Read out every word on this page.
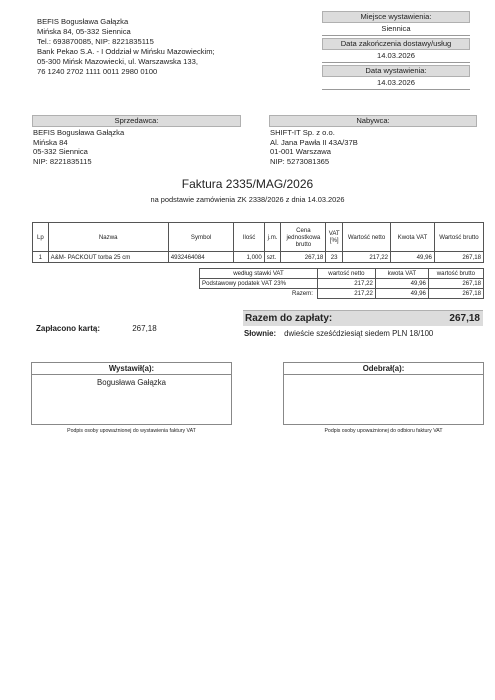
BEFIS Bogusława Gałązka
Mińska 84, 05-332 Siennica
Tel.: 693870085, NIP: 8221835115
Bank Pekao S.A. - I Oddział w Mińsku Mazowieckim;
05-300 Mińsk Mazowiecki, ul. Warszawska 133,
76 1240 2702 1111 0011 2980 0100
Miejsce wystawienia:
Siennica
Data zakończenia dostawy/usług
14.03.2026
Data wystawienia:
14.03.2026
Sprzedawca:
BEFIS Bogusława Gałązka
Mińska 84
05-332 Siennica
NIP: 8221835115
Nabywca:
SHIFT-IT Sp. z o.o.
Al. Jana Pawła II 43A/37B
01-001 Warszawa
NIP: 5273081365
Faktura 2335/MAG/2026
na podstawie zamówienia ZK 2338/2026 z dnia 14.03.2026
Lp	Nazwa	Symbol	Ilość	j.m.	Cena jednostkowa brutto	VAT [%]	Wartość netto	Kwota VAT	Wartość brutto
1	A&M- PACKOUT torba 25 cm	4932464084	1,000	szt.	267,18	23	217,22	49,96	267,18
według stawki VAT	wartość netto	kwota VAT	wartość brutto
Podstawowy podatek VAT 23%	217,22	49,96	267,18
Razem:	217,22	49,96	267,18
Zapłacono kartą:	267,18
Razem do zapłaty:	267,18
Słownie: dwieście sześćdziesiąt siedem PLN 18/100
Wystawił(a):
Bogusława Gałązka
Podpis osoby upoważnionej do wystawienia faktury VAT
Odebrał(a):
Podpis osoby upoważnionej do odbioru faktury VAT
